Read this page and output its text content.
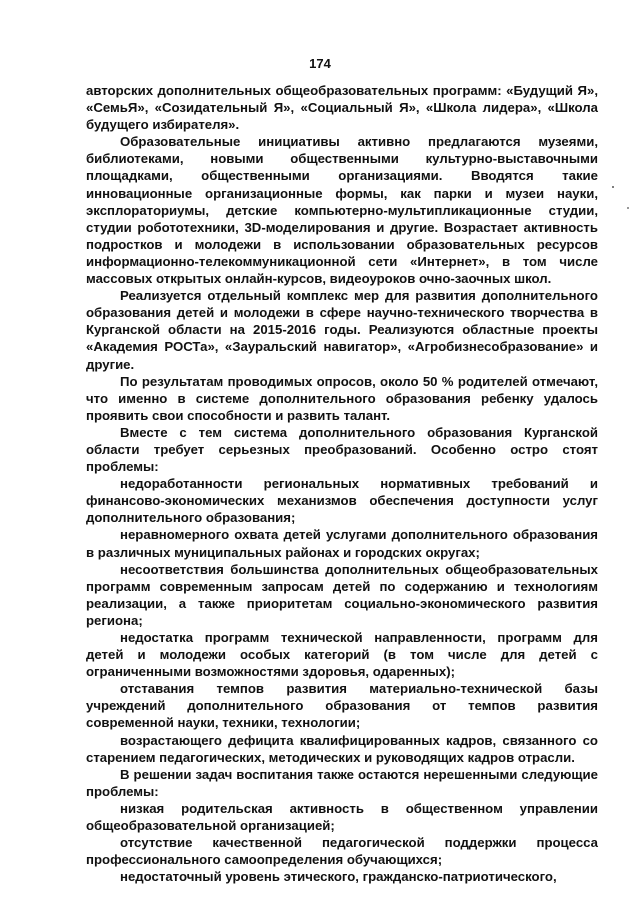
174

авторских дополнительных общеобразовательных программ: «Будущий Я», «СемьЯ», «Созидательный Я», «Социальный Я», «Школа лидера», «Школа будущего избирателя».

Образовательные инициативы активно предлагаются музеями, библиотеками, новыми общественными культурно-выставочными площадками, общественными организациями. Вводятся такие инновационные организационные формы, как парки и музеи науки, эксплораториумы, детские компьютерно-мультипликационные студии, студии робототехники, 3D-моделирования и другие. Возрастает активность подростков и молодежи в использовании образовательных ресурсов информационно-телекоммуникационной сети «Интернет», в том числе массовых открытых онлайн-курсов, видеоуроков очно-заочных школ.

Реализуется отдельный комплекс мер для развития дополнительного образования детей и молодежи в сфере научно-технического творчества в Курганской области на 2015-2016 годы. Реализуются областные проекты «Академия РОСТа», «Зауральский навигатор», «Агробизнесобразование» и другие.

По результатам проводимых опросов, около 50 % родителей отмечают, что именно в системе дополнительного образования ребенку удалось проявить свои способности и развить талант.

Вместе с тем система дополнительного образования Курганской области требует серьезных преобразований. Особенно остро стоят проблемы:

недоработанности региональных нормативных требований и финансово-экономических механизмов обеспечения доступности услуг дополнительного образования;

неравномерного охвата детей услугами дополнительного образования в различных муниципальных районах и городских округах;

несоответствия большинства дополнительных общеобразовательных программ современным запросам детей по содержанию и технологиям реализации, а также приоритетам социально-экономического развития региона;

недостатка программ технической направленности, программ для детей и молодежи особых категорий (в том числе для детей с ограниченными возможностями здоровья, одаренных);

отставания темпов развития материально-технической базы учреждений дополнительного образования от темпов развития современной науки, техники, технологии;

возрастающего дефицита квалифицированных кадров, связанного со старением педагогических, методических и руководящих кадров отрасли.

В решении задач воспитания также остаются нерешенными следующие проблемы:

низкая родительская активность в общественном управлении общеобразовательной организацией;

отсутствие качественной педагогической поддержки процесса профессионального самоопределения обучающихся;

недостаточный уровень этического, гражданско-патриотического,
